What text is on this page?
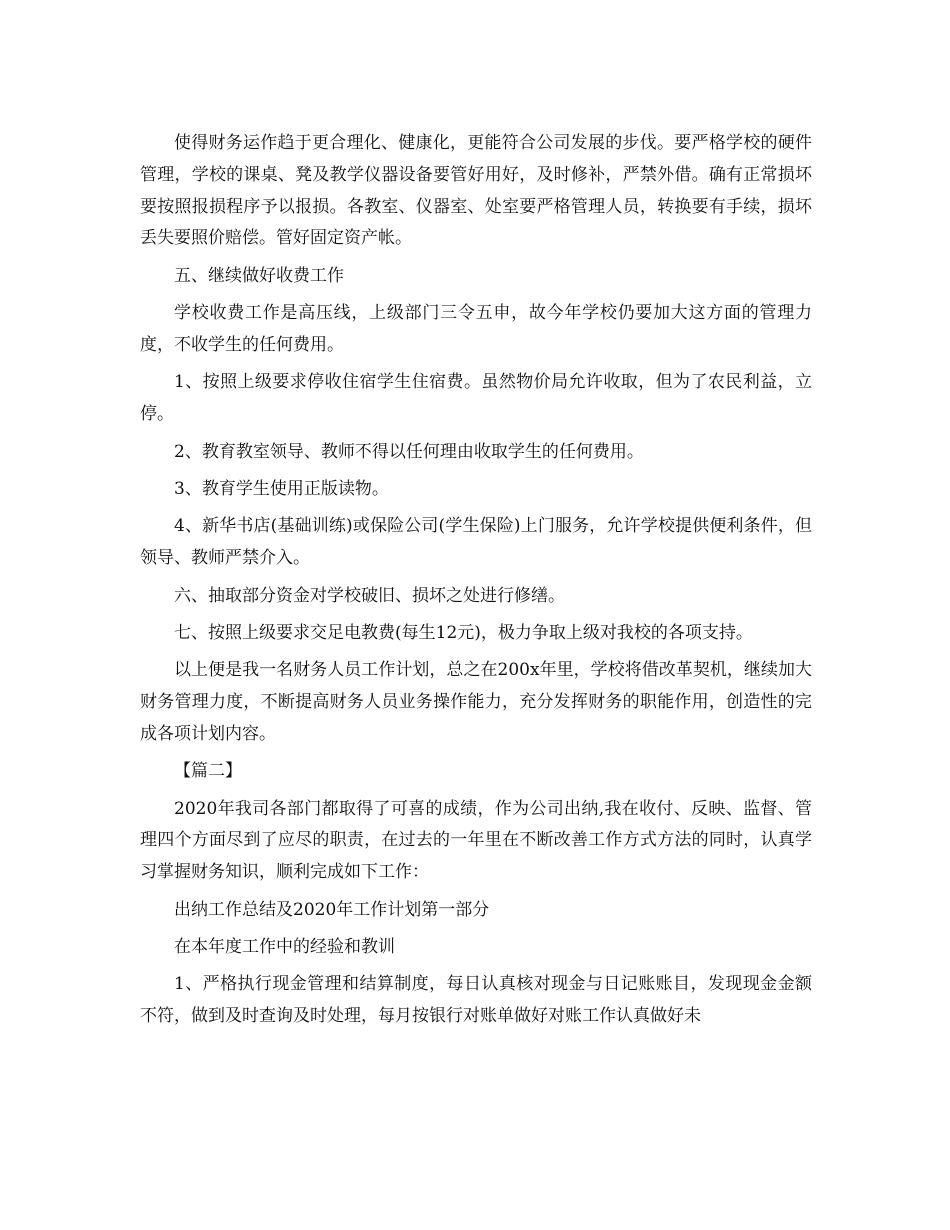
使得财务运作趋于更合理化、健康化，更能符合公司发展的步伐。要严格学校的硬件管理，学校的课桌、凳及教学仪器设备要管好用好，及时修补，严禁外借。确有正常损坏要按照报损程序予以报损。各教室、仪器室、处室要严格管理人员，转换要有手续，损坏丢失要照价赔偿。管好固定资产帐。

五、继续做好收费工作

学校收费工作是高压线，上级部门三令五申，故今年学校仍要加大这方面的管理力度，不收学生的任何费用。

1、按照上级要求停收住宿学生住宿费。虽然物价局允许收取，但为了农民利益，立停。

2、教育教室领导、教师不得以任何理由收取学生的任何费用。

3、教育学生使用正版读物。

4、新华书店(基础训练)或保险公司(学生保险)上门服务，允许学校提供便利条件，但领导、教师严禁介入。

六、抽取部分资金对学校破旧、损坏之处进行修缮。

七、按照上级要求交足电教费(每生12元)，极力争取上级对我校的各项支持。

以上便是我一名财务人员工作计划，总之在200x年里，学校将借改革契机，继续加大财务管理力度，不断提高财务人员业务操作能力，充分发挥财务的职能作用，创造性的完成各项计划内容。

【篇二】

2020年我司各部门都取得了可喜的成绩，作为公司出纳,我在收付、反映、监督、管理四个方面尽到了应尽的职责，在过去的一年里在不断改善工作方式方法的同时，认真学习掌握财务知识，顺利完成如下工作：

出纳工作总结及2020年工作计划第一部分

在本年度工作中的经验和教训

1、严格执行现金管理和结算制度，每日认真核对现金与日记账账目，发现现金金额不符，做到及时查询及时处理，每月按银行对账单做好对账工作认真做好未
